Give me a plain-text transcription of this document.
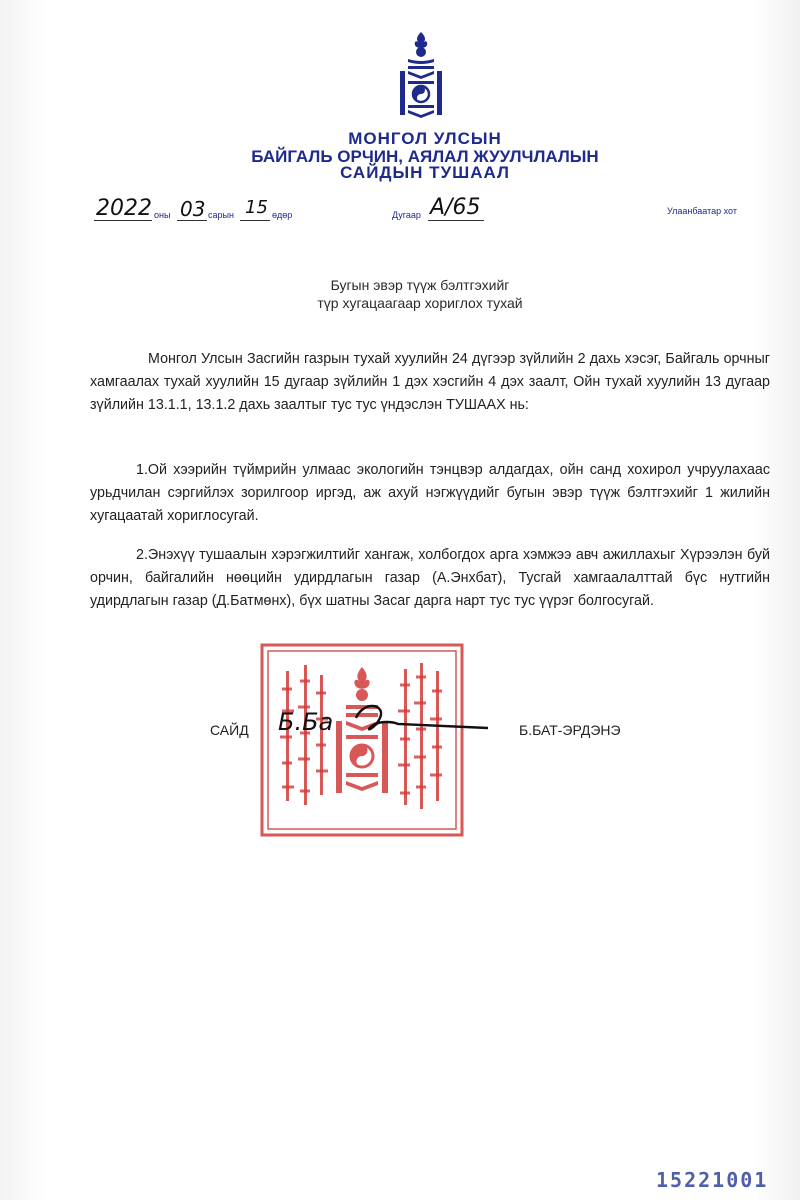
МОНГОЛ УЛСЫН
БАЙГАЛЬ ОРЧИН, АЯЛАЛ ЖУУЛЧЛАЛЫН
САЙДЫН ТУШААЛ
2022 оны 03 сарын 15 өдөр	Дугаар А/65	Улаанбаатар хот
Бугын эвэр түүж бэлтгэхийг
түр хугацаагаар хориглох тухай
Монгол Улсын Засгийн газрын тухай хуулийн 24 дүгээр зүйлийн 2 дахь хэсэг, Байгаль орчныг хамгаалах тухай хуулийн 15 дугаар зүйлийн 1 дэх хэсгийн 4 дэх заалт, Ойн тухай хуулийн 13 дугаар зүйлийн 13.1.1, 13.1.2 дахь заалтыг тус тус үндэслэн ТУШААХ нь:
1.Ой хээрийн түймрийн улмаас экологийн тэнцвэр алдагдах, ойн санд хохирол учруулахаас урьдчилан сэргийлэх зорилгоор иргэд, аж ахуй нэгжүүдийг бугын эвэр түүж бэлтгэхийг 1 жилийн хугацаатай хориглосугай.
2.Энэхүү тушаалын хэрэгжилтийг хангаж, холбогдох арга хэмжээ авч ажиллахыг Хүрээлэн буй орчин, байгалийн нөөцийн удирдлагын газар (А.Энхбат), Тусгай хамгаалалттай бүс нутгийн удирдлагын газар (Д.Батмөнх), бүх шатны Засаг дарга нарт тус тус үүрэг болгосугай.
САЙД Б.Ба	Б.БАТ-ЭРДЭНЭ
15221001
